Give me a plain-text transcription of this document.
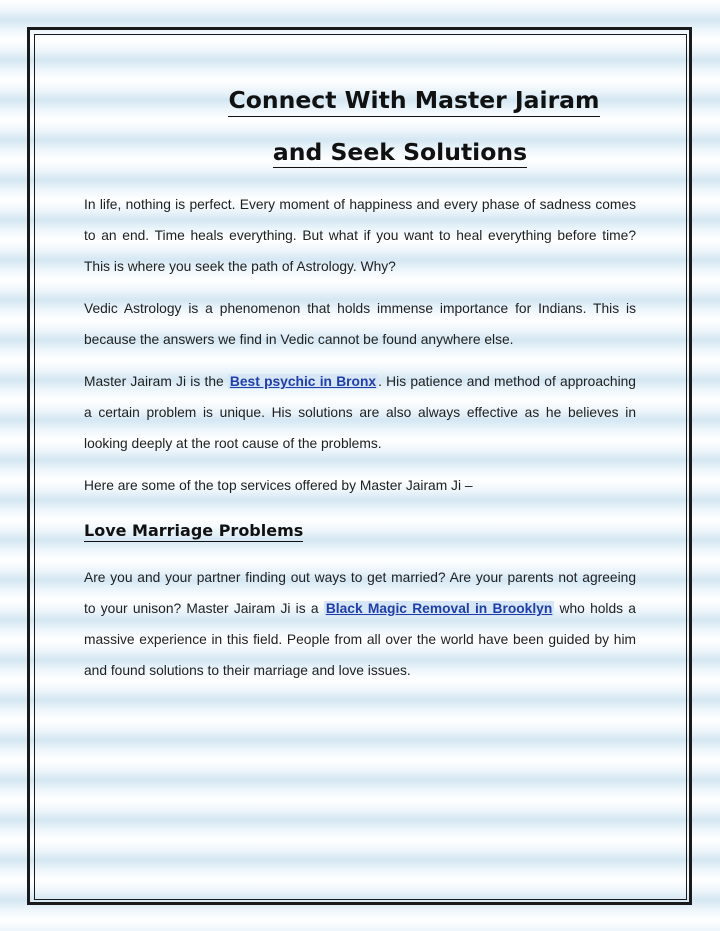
Connect With Master Jairam
and Seek Solutions

In life, nothing is perfect. Every moment of happiness and every phase of sadness comes to an end. Time heals everything. But what if you want to heal everything before time? This is where you seek the path of Astrology. Why?

Vedic Astrology is a phenomenon that holds immense importance for Indians. This is because the answers we find in Vedic cannot be found anywhere else.

Master Jairam Ji is the Best psychic in Bronx . His patience and method of approaching a certain problem is unique. His solutions are also always effective as he believes in looking deeply at the root cause of the problems.

Here are some of the top services offered by Master Jairam Ji –

Love Marriage Problems

Are you and your partner finding out ways to get married? Are your parents not agreeing to your unison? Master Jairam Ji is a Black Magic Removal in Brooklyn who holds a massive experience in this field. People from all over the world have been guided by him and found solutions to their marriage and love issues.
